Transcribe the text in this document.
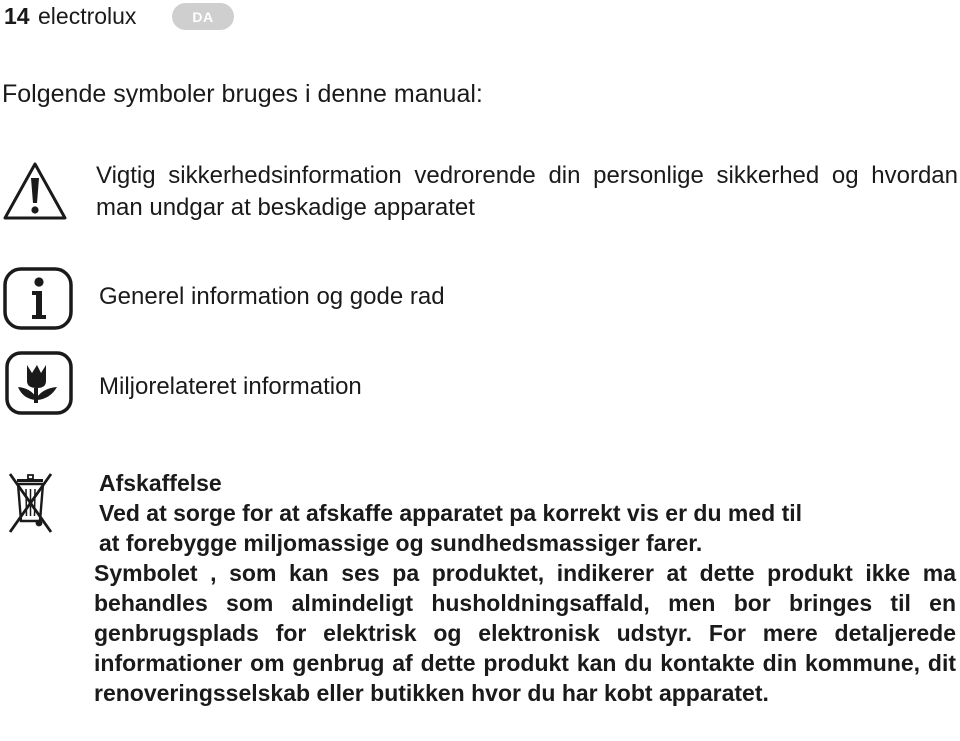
14 electrolux	DA
Folgende symboler bruges i denne manual:
Vigtig sikkerhedsinformation vedrorende din personlige sikkerhed og hvordan man undgar at beskadige apparatet
Generel information og gode rad
Miljorelateret information
Afskaffelse
Ved at sorge for at afskaffe apparatet pa korrekt vis er du med til
at forebygge miljomassige og sundhedsmassiger farer.
Symbolet , som kan ses pa produktet, indikerer at dette produkt ikke ma behandles som almindeligt husholdningsaffald, men bor bringes til en genbrugsplads for elektrisk og elektronisk udstyr. For mere detaljerede informationer om genbrug af dette produkt kan du kontakte din kommune, dit renoveringsselskab eller butikken hvor du har kobt apparatet.
